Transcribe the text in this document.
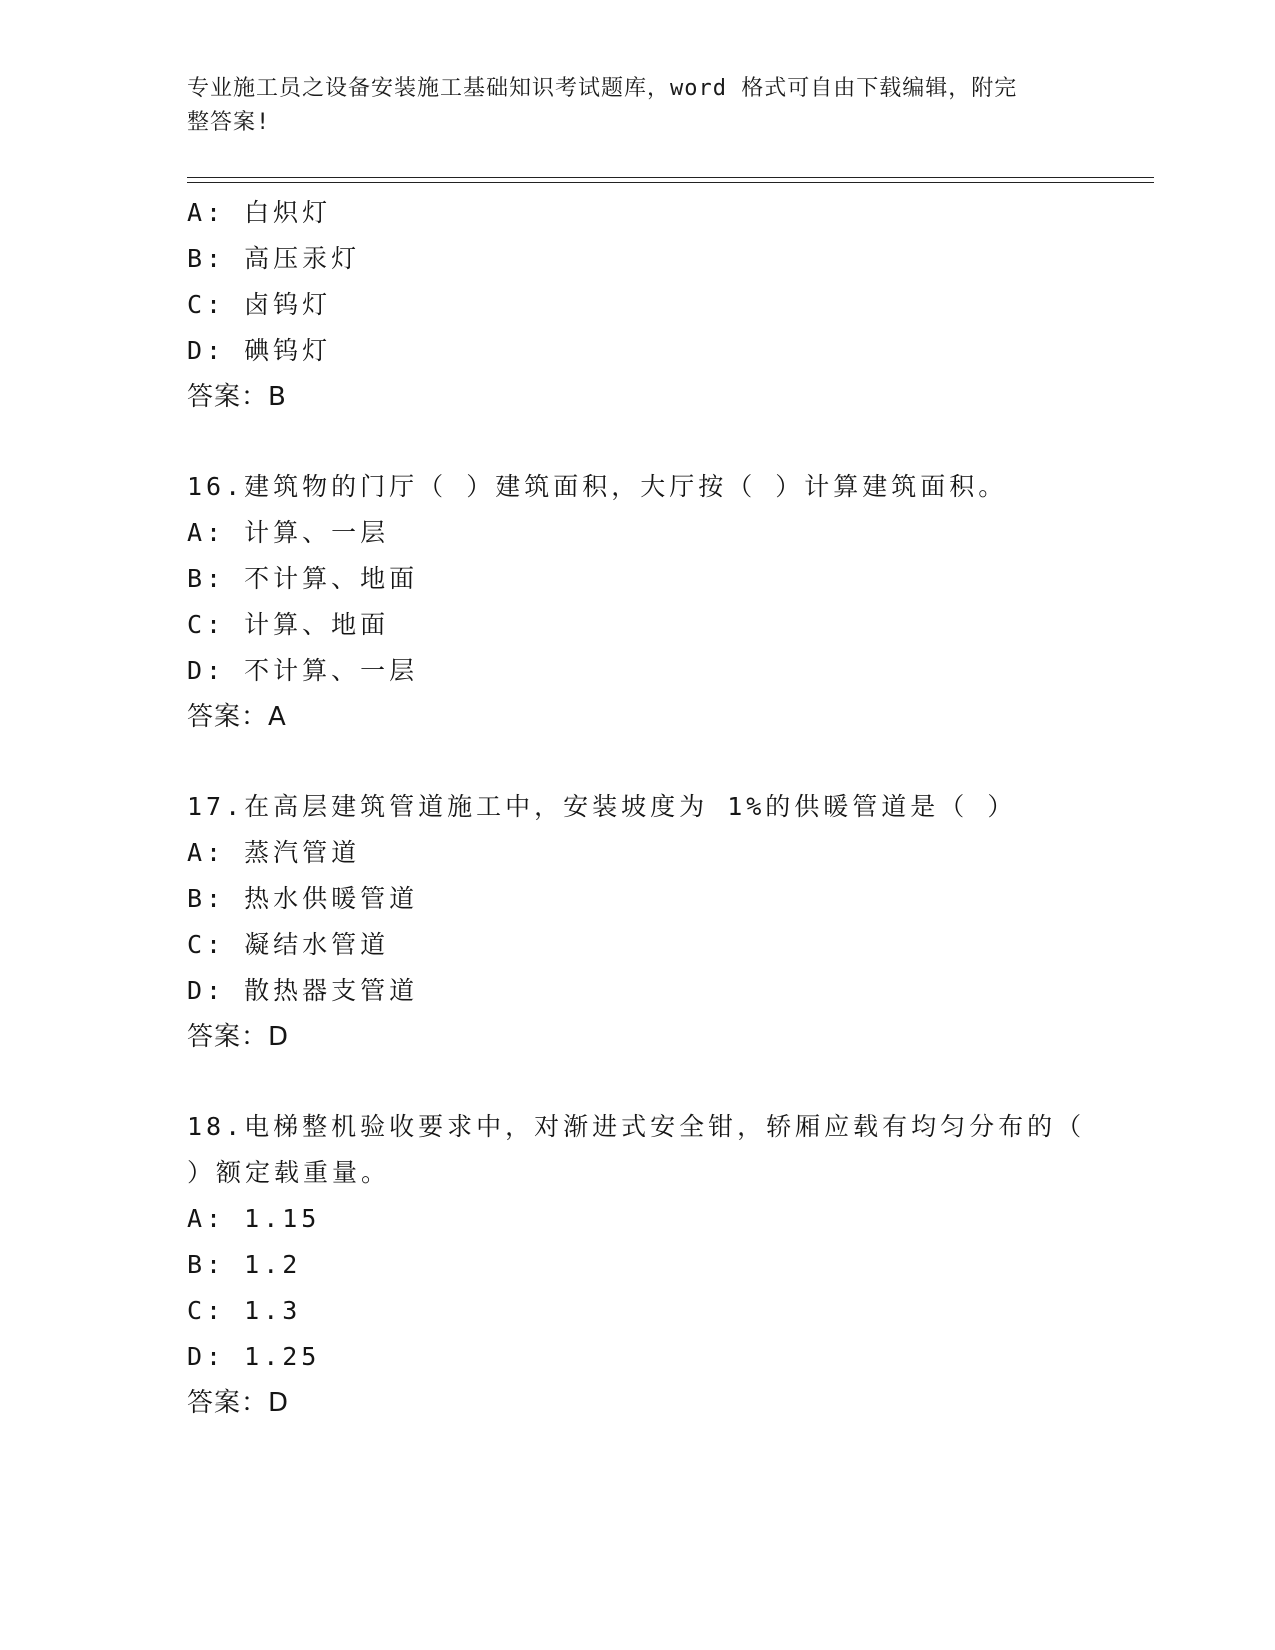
专业施工员之设备安装施工基础知识考试题库，word 格式可自由下载编辑，附完
整答案!
A: 白炽灯
B: 高压汞灯
C: 卤钨灯
D: 碘钨灯
答案：B
16.建筑物的门厅（ ）建筑面积，大厅按（ ）计算建筑面积。
A: 计算、一层
B: 不计算、地面
C: 计算、地面
D: 不计算、一层
答案：A
17.在高层建筑管道施工中，安装坡度为 1%的供暖管道是（ ）
A: 蒸汽管道
B: 热水供暖管道
C: 凝结水管道
D: 散热器支管道
答案：D
18.电梯整机验收要求中，对渐进式安全钳，轿厢应载有均匀分布的（
）额定载重量。
A: 1.15
B: 1.2
C: 1.3
D: 1.25
答案：D
